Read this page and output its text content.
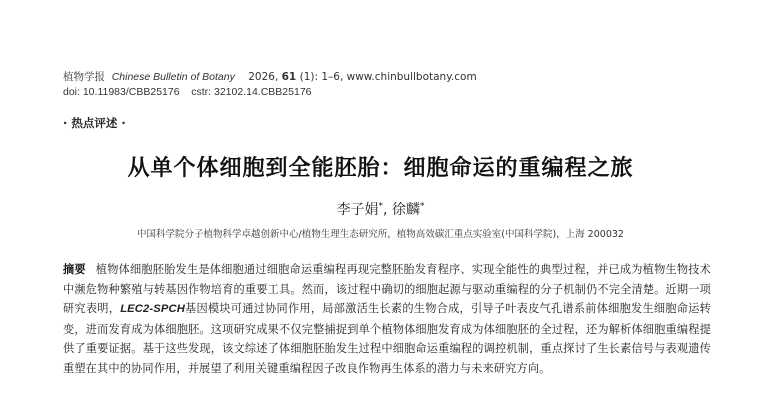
植物学报 Chinese Bulletin of Botany 2026, 61 (1): 1–6, www.chinbullbotany.com
doi: 10.11983/CBB25176 cstr: 32102.14.CBB25176
· 热点评述 ·
从单个体细胞到全能胚胎：细胞命运的重编程之旅
李子娟*, 徐麟*
中国科学院分子植物科学卓越创新中心/植物生理生态研究所，植物高效碳汇重点实验室(中国科学院)，上海 200032
摘要 植物体细胞胚胎发生是体细胞通过细胞命运重编程再现完整胚胎发育程序、实现全能性的典型过程，并已成为植物生物技术中濒危物种繁殖与转基因作物培育的重要工具。然而，该过程中确切的细胞起源与驱动重编程的分子机制仍不完全清楚。近期一项研究表明，LEC2-SPCH基因模块可通过协同作用，局部激活生长素的生物合成，引导子叶表皮气孔谱系前体细胞发生细胞命运转变，进而发育成为体细胞胚。这项研究成果不仅完整捕捉到单个植物体细胞发育成为体细胞胚的全过程，还为解析体细胞重编程提供了重要证据。基于这些发现，该文综述了体细胞胚胎发生过程中细胞命运重编程的调控机制，重点探讨了生长素信号与表观遗传重塑在其中的协同作用，并展望了利用关键重编程因子改良作物再生体系的潜力与未来研究方向。
